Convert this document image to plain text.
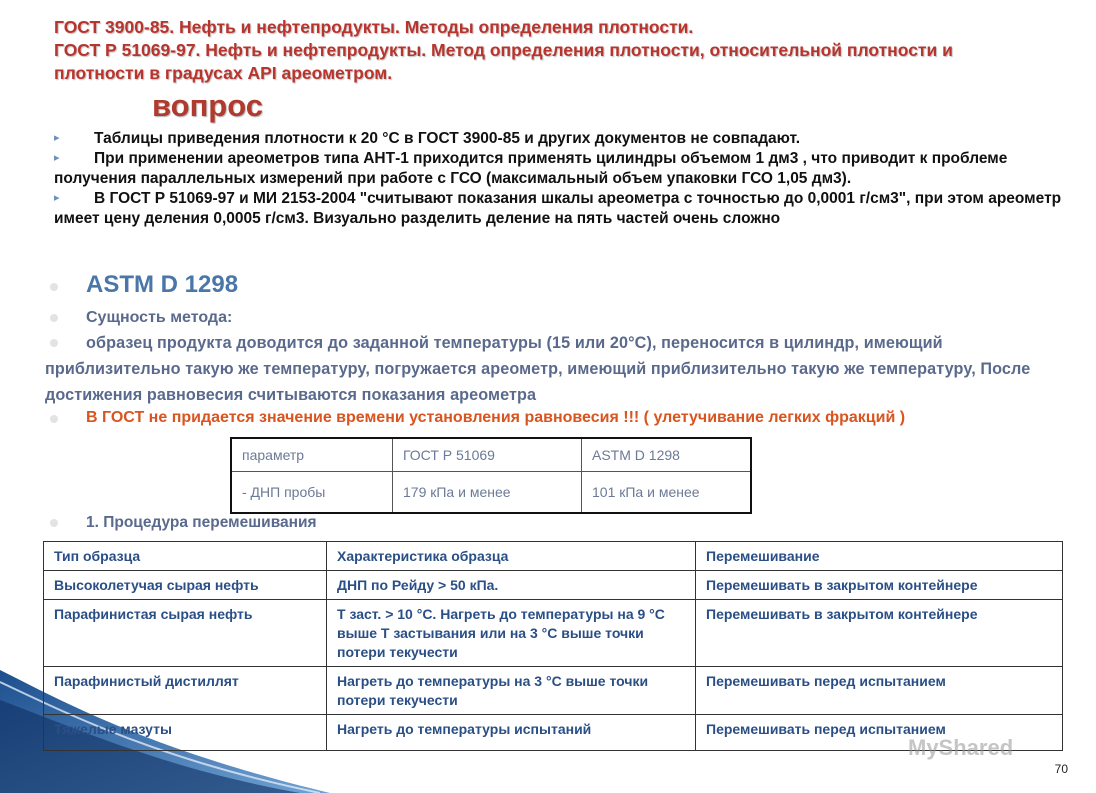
ГОСТ 3900-85. Нефть и нефтепродукты. Методы определения плотности.
ГОСТ Р 51069-97. Нефть и нефтепродукты. Метод определения плотности, относительной плотности и
плотности в градусах API ареометром.
вопрос

▸ Таблицы приведения плотности к 20 °С в ГОСТ 3900-85 и других документов не совпадают.

▸ При применении ареометров типа АНТ-1 приходится применять цилиндры объемом 1 дм3 , что приводит к проблеме получения параллельных измерений при работе с ГСО (максимальный объем упаковки ГСО 1,05 дм3).

▸ В ГОСТ Р 51069-97 и МИ 2153-2004 "считывают показания шкалы ареометра с точностью до 0,0001 г/см3", при этом ареометр имеет цену деления 0,0005 г/см3. Визуально разделить деление на пять частей очень сложно

ASTM D 1298
Сущность метода:
образец продукта доводится до заданной температуры (15 или 20°С), переносится в цилиндр, имеющий приблизительно такую же температуру, погружается ареометр, имеющий приблизительно такую же температуру, После достижения равновесия считываются показания ареометра
В ГОСТ не придается значение времени установления равновесия !!! ( улетучивание легких фракций )
параметр	ГОСТ Р 51069	ASTM D 1298
- ДНП пробы	179 кПа и менее	101 кПа и менее
1. Процедура перемешивания
Тип образца	Характеристика образца	Перемешивание
Высоколетучая сырая нефть	ДНП по Рейду > 50 кПа.	Перемешивать в закрытом контейнере
Парафинистая сырая нефть	Т заст. > 10 °С. Нагреть до температуры на 9 °С выше Т застывания или на 3 °С выше точки потери текучести	Перемешивать в закрытом контейнере
Парафинистый дистиллят	Нагреть до температуры на 3 °С выше точки потери текучести	Перемешивать перед испытанием
Тяжелые мазуты	Нагреть до температуры испытаний	Перемешивать перед испытанием
MyShared
70
